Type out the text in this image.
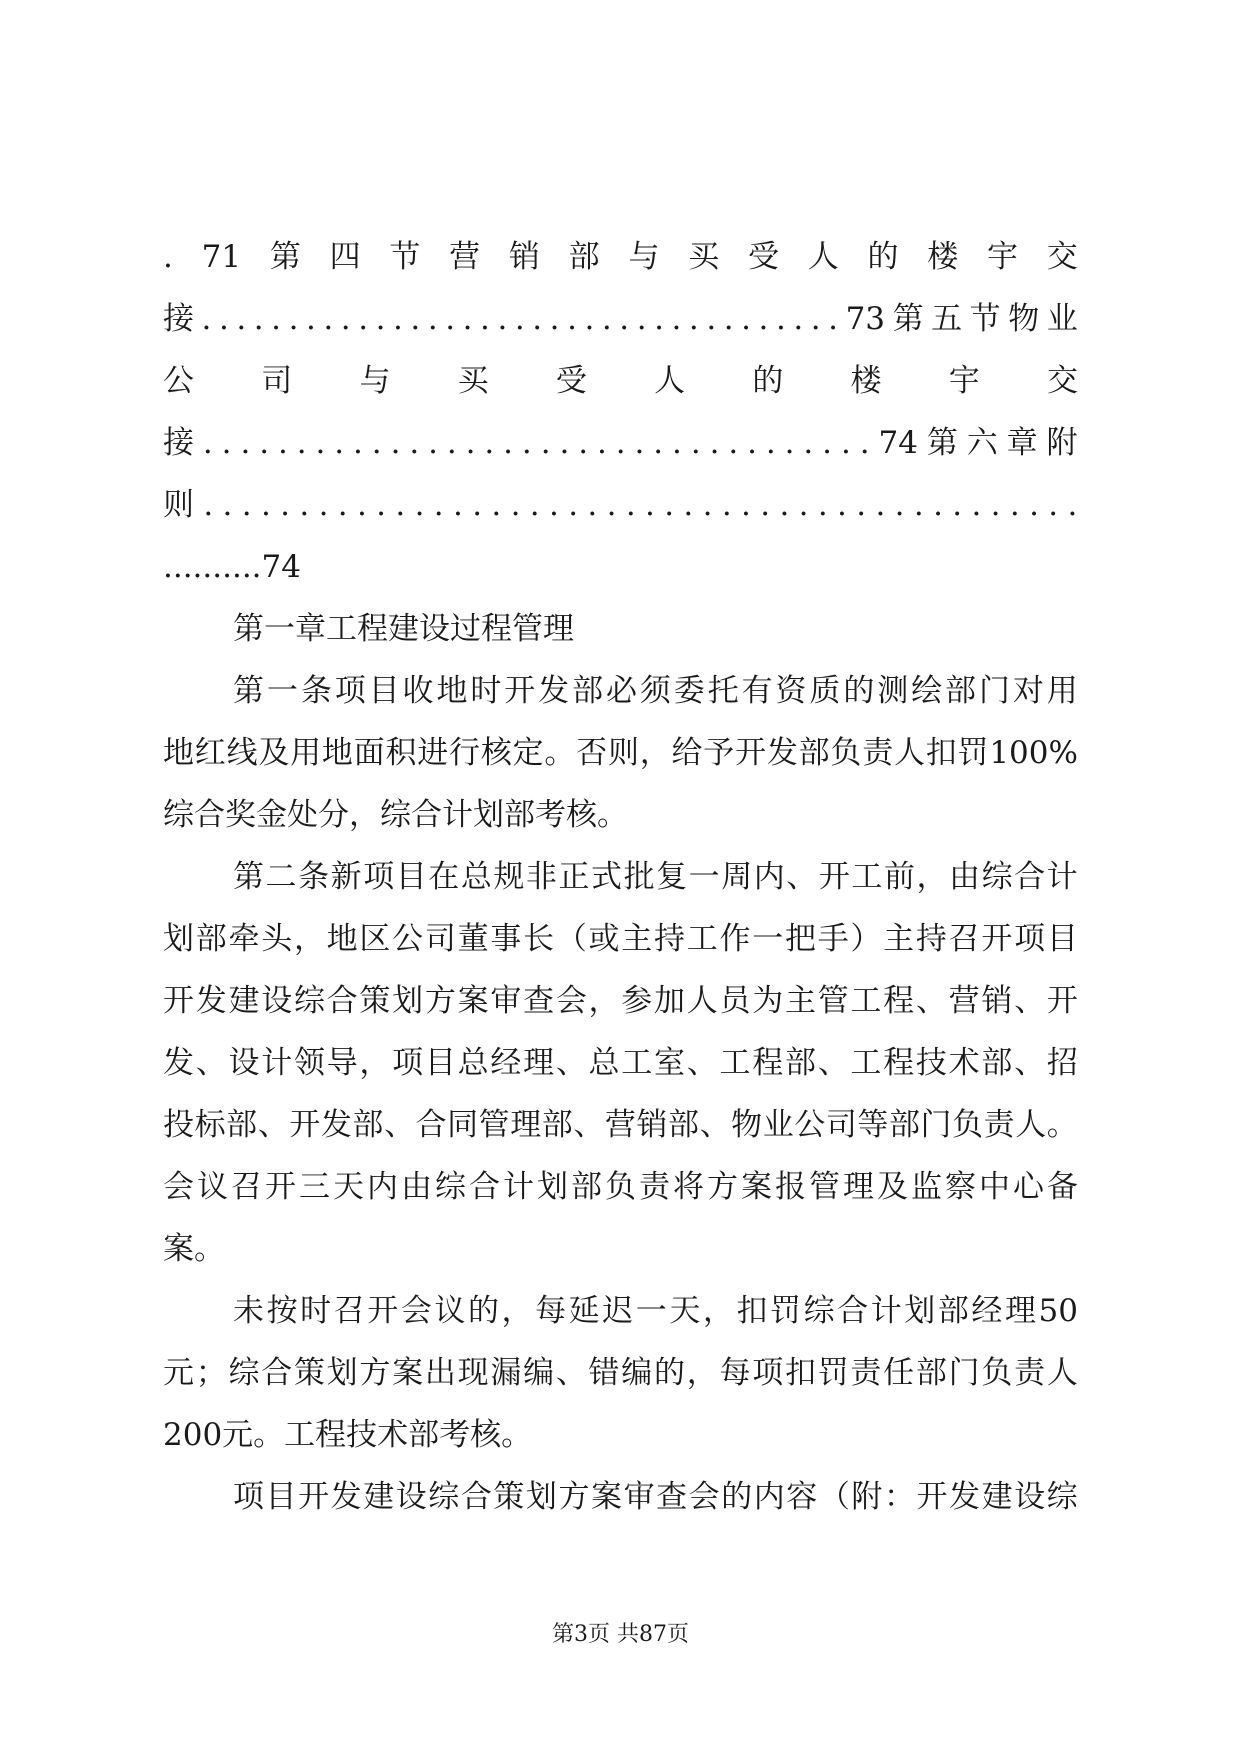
. 71 第 四 节 营 销 部 与 买 受 人 的 楼 宇 交
接 . . . . . . . . . . . . . . . . . . . . . . . . . . . . . . . . . . . . . 73 第 五 节 物 业
公 司 与 买 受 人 的 楼 宇 交
接 . . . . . . . . . . . . . . . . . . . . . . . . . . . . . . . . . . . . 74 第 六 章 附
则 . . . . . . . . . . . . . . . . . . . . . . . . . . . . . . . . . . . . . . . . . . . . . .
..........74
第一章工程建设过程管理
第 一 条 项 目 收 地 时 开 发 部 必 须 委 托 有 资 质 的 测 绘 部 门 对 用
地 红 线 及 用 地 面 积 进 行 核 定 。 否 则 ， 给 予 开 发 部 负 责 人 扣 罚 100%
综合奖金处分，综合计划部考核。
第 二 条 新 项 目 在 总 规 非 正 式 批 复 一 周 内 、 开 工 前 ， 由 综 合 计
划 部 牵 头 ， 地 区 公 司 董 事 长 （ 或 主 持 工 作 一 把 手 ） 主 持 召 开 项 目
开 发 建 设 综 合 策 划 方 案 审 查 会 ， 参 加 人 员 为 主 管 工 程 、 营 销 、 开
发 、 设 计 领 导 ， 项 目 总 经 理 、 总 工 室 、 工 程 部 、 工 程 技 术 部 、 招
投 标 部 、 开 发 部 、 合 同 管 理 部 、 营 销 部 、 物 业 公 司 等 部 门 负 责 人 。
会 议 召 开 三 天 内 由 综 合 计 划 部 负 责 将 方 案 报 管 理 及 监 察 中 心 备
案。
未 按 时 召 开 会 议 的 ， 每 延 迟 一 天 ， 扣 罚 综 合 计 划 部 经 理 50
元 ； 综 合 策 划 方 案 出 现 漏 编 、 错 编 的 ， 每 项 扣 罚 责 任 部 门 负 责 人
200元。工程技术部考核。
项 目 开 发 建 设 综 合 策 划 方 案 审 查 会 的 内 容 （ 附 ： 开 发 建 设 综
第3页 共87页
